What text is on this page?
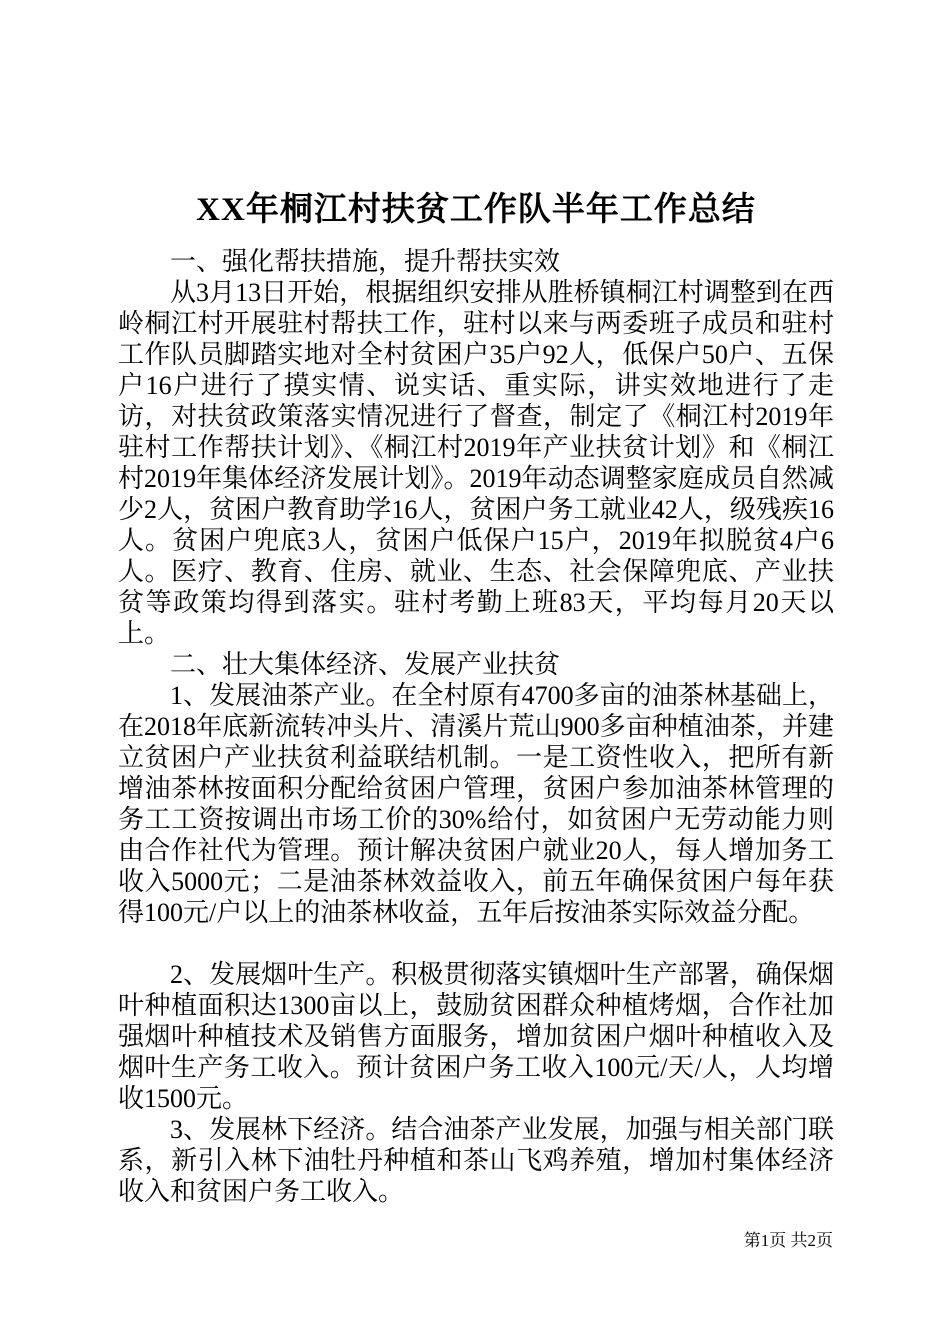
XX年桐江村扶贫工作队半年工作总结

一、强化帮扶措施，提升帮扶实效

从3月13日开始，根据组织安排从胜桥镇桐江村调整到在西岭桐江村开展驻村帮扶工作，驻村以来与两委班子成员和驻村工作队员脚踏实地对全村贫困户35户92人，低保户50户、五保户16户进行了摸实情、说实话、重实际，讲实效地进行了走访，对扶贫政策落实情况进行了督查，制定了《桐江村2019年驻村工作帮扶计划》、《桐江村2019年产业扶贫计划》和《桐江村2019年集体经济发展计划》。2019年动态调整家庭成员自然减少2人，贫困户教育助学16人，贫困户务工就业42人，级残疾16人。贫困户兜底3人，贫困户低保户15户，2019年拟脱贫4户6人。医疗、教育、住房、就业、生态、社会保障兜底、产业扶贫等政策均得到落实。驻村考勤上班83天，平均每月20天以上。

二、壮大集体经济、发展产业扶贫

1、发展油茶产业。在全村原有4700多亩的油茶林基础上，在2018年底新流转冲头片、清溪片荒山900多亩种植油茶，并建立贫困户产业扶贫利益联结机制。一是工资性收入，把所有新增油茶林按面积分配给贫困户管理，贫困户参加油茶林管理的务工工资按调出市场工价的30%给付，如贫困户无劳动能力则由合作社代为管理。预计解决贫困户就业20人，每人增加务工收入5000元；二是油茶林效益收入，前五年确保贫困户每年获得100元/户以上的油茶林收益，五年后按油茶实际效益分配。

2、发展烟叶生产。积极贯彻落实镇烟叶生产部署，确保烟叶种植面积达1300亩以上，鼓励贫困群众种植烤烟，合作社加强烟叶种植技术及销售方面服务，增加贫困户烟叶种植收入及烟叶生产务工收入。预计贫困户务工收入100元/天/人，人均增收1500元。

3、发展林下经济。结合油茶产业发展，加强与相关部门联系，新引入林下油牡丹种植和茶山飞鸡养殖，增加村集体经济收入和贫困户务工收入。

第1页 共2页
